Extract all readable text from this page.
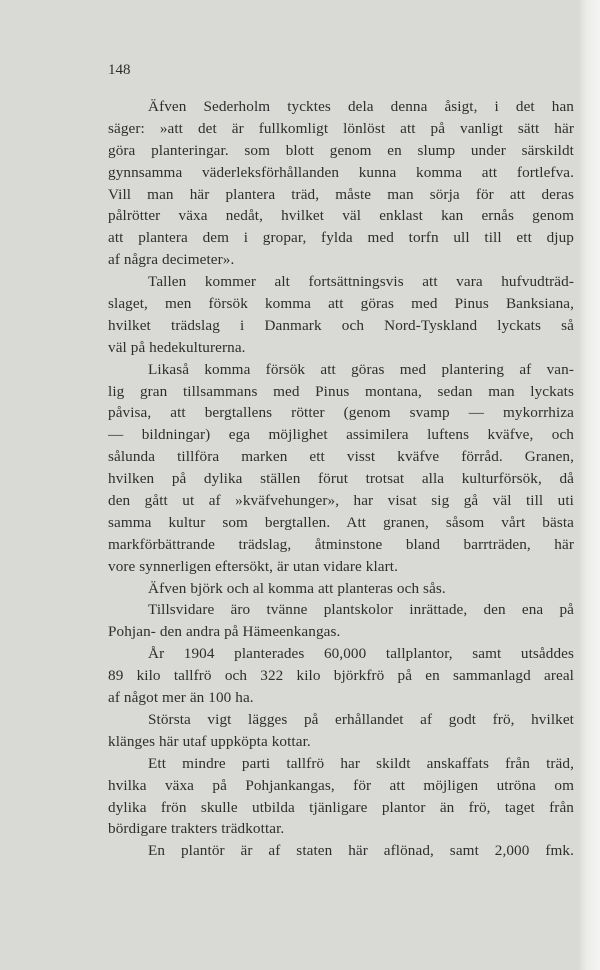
148
Äfven Sederholm tycktes dela denna åsigt, i det han
säger: »att det är fullkomligt lönlöst att på vanligt sätt här
göra planteringar. som blott genom en slump under särskildt
gynnsamma väderleksförhållanden kunna komma att fortlefva.
Vill man här plantera träd, måste man sörja för att deras
pålrötter växa nedåt, hvilket väl enklast kan ernås genom
att plantera dem i gropar, fylda med torfn ull till ett djup
af några decimeter».
Tallen kommer alt fortsättningsvis att vara hufvudträd-
slaget, men försök komma att göras med Pinus Banksiana,
hvilket trädslag i Danmark och Nord-Tyskland lyckats så
väl på hedekulturerna.
Likaså komma försök att göras med plantering af van-
lig gran tillsammans med Pinus montana, sedan man lyckats
påvisa, att bergtallens rötter (genom svamp — mykorrhiza
— bildningar) ega möjlighet assimilera luftens kväfve, och
sålunda tillföra marken ett visst kväfve förråd. Granen,
hvilken på dylika ställen förut trotsat alla kulturförsök, då
den gått ut af »kväfvehunger», har visat sig gå väl till uti
samma kultur som bergtallen. Att granen, såsom vårt bästa
markförbättrande trädslag, åtminstone bland barrträden, här
vore synnerligen eftersökt, är utan vidare klart.
Äfven björk och al komma att planteras och sås.
Tillsvidare äro tvänne plantskolor inrättade, den ena på
Pohjan- den andra på Hämeenkangas.
År 1904 planterades 60,000 tallplantor, samt utsåddes
89 kilo tallfrö och 322 kilo björkfrö på en sammanlagd areal
af något mer än 100 ha.
Största vigt lägges på erhållandet af godt frö, hvilket
klänges här utaf uppköpta kottar.
Ett mindre parti tallfrö har skildt anskaffats från träd,
hvilka växa på Pohjankangas, för att möjligen utröna om
dylika frön skulle utbilda tjänligare plantor än frö, taget från
bördigare trakters trädkottar.
En plantör är af staten här aflönad, samt 2,000 fmk.
